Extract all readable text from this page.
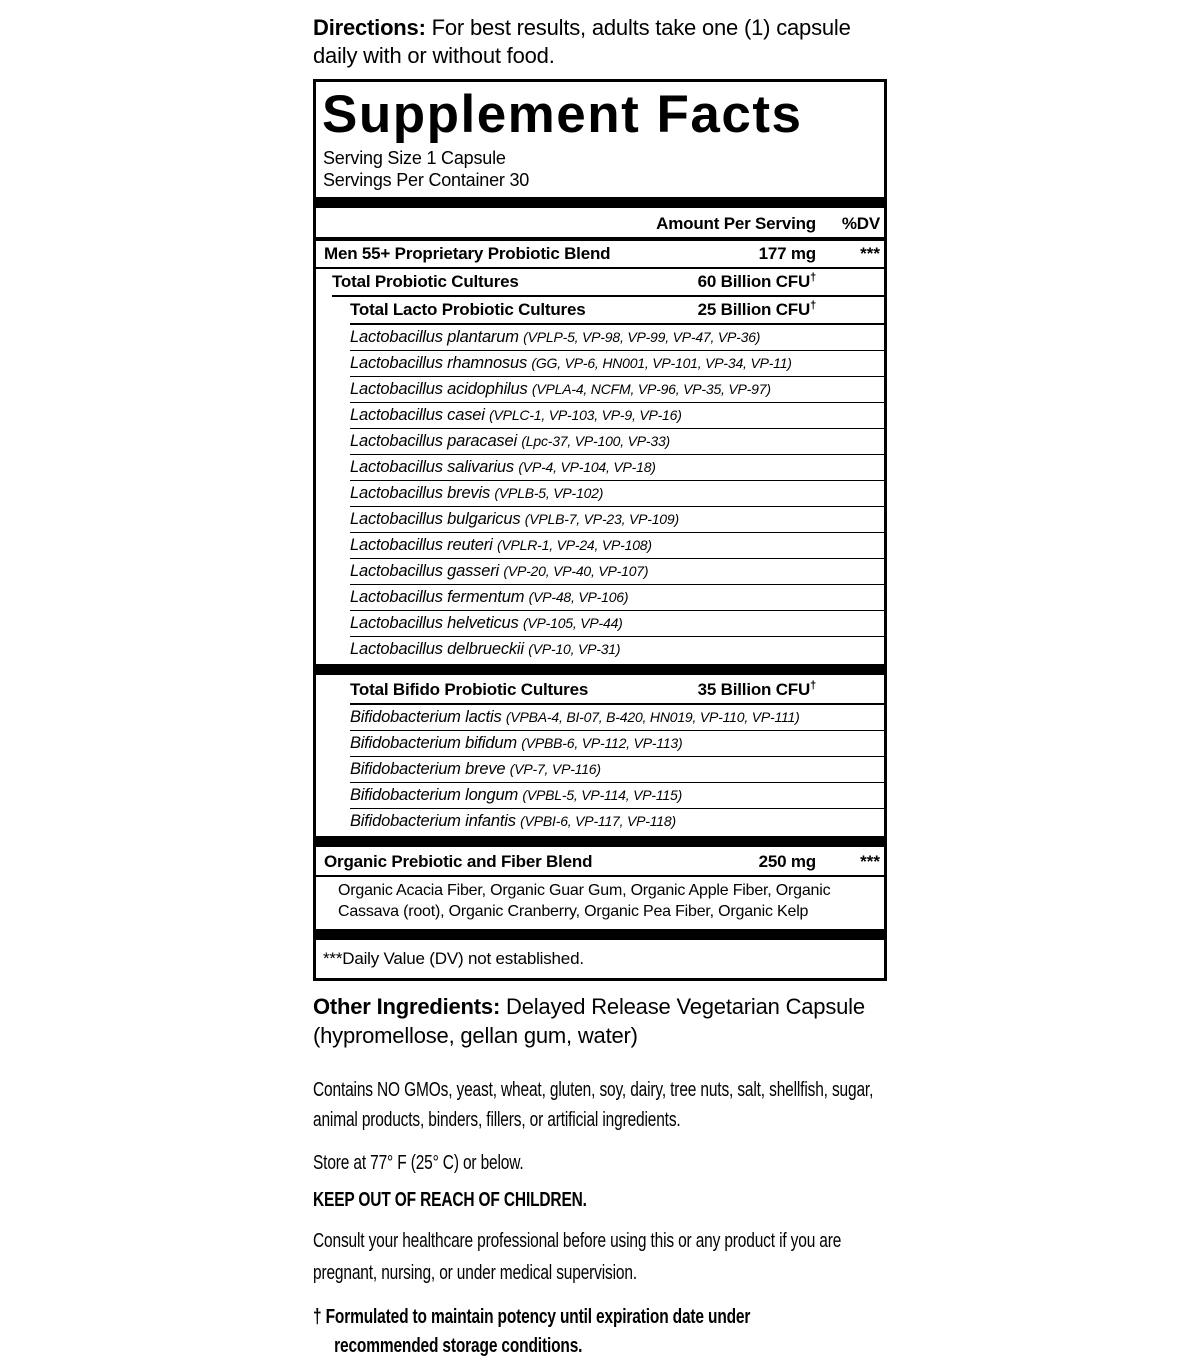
Directions: For best results, adults take one (1) capsule daily with or without food.

Supplement Facts
Serving Size 1 Capsule
Servings Per Container 30
Amount Per Serving	%DV
Men 55+ Proprietary Probiotic Blend	177 mg	***
Total Probiotic Cultures	60 Billion CFU†
Total Lacto Probiotic Cultures	25 Billion CFU†
Lactobacillus plantarum (VPLP-5, VP-98, VP-99, VP-47, VP-36)
Lactobacillus rhamnosus (GG, VP-6, HN001, VP-101, VP-34, VP-11)
Lactobacillus acidophilus (VPLA-4, NCFM, VP-96, VP-35, VP-97)
Lactobacillus casei (VPLC-1, VP-103, VP-9, VP-16)
Lactobacillus paracasei (Lpc-37, VP-100, VP-33)
Lactobacillus salivarius (VP-4, VP-104, VP-18)
Lactobacillus brevis (VPLB-5, VP-102)
Lactobacillus bulgaricus (VPLB-7, VP-23, VP-109)
Lactobacillus reuteri (VPLR-1, VP-24, VP-108)
Lactobacillus gasseri (VP-20, VP-40, VP-107)
Lactobacillus fermentum (VP-48, VP-106)
Lactobacillus helveticus (VP-105, VP-44)
Lactobacillus delbrueckii (VP-10, VP-31)
Total Bifido Probiotic Cultures	35 Billion CFU†
Bifidobacterium lactis (VPBA-4, BI-07, B-420, HN019, VP-110, VP-111)
Bifidobacterium bifidum (VPBB-6, VP-112, VP-113)
Bifidobacterium breve (VP-7, VP-116)
Bifidobacterium longum (VPBL-5, VP-114, VP-115)
Bifidobacterium infantis (VPBI-6, VP-117, VP-118)
Organic Prebiotic and Fiber Blend	250 mg	***
Organic Acacia Fiber, Organic Guar Gum, Organic Apple Fiber, Organic Cassava (root), Organic Cranberry, Organic Pea Fiber, Organic Kelp
***Daily Value (DV) not established.

Other Ingredients: Delayed Release Vegetarian Capsule (hypromellose, gellan gum, water)

Contains NO GMOs, yeast, wheat, gluten, soy, dairy, tree nuts, salt, shellfish, sugar, animal products, binders, fillers, or artificial ingredients.

Store at 77° F (25° C) or below.

KEEP OUT OF REACH OF CHILDREN.

Consult your healthcare professional before using this or any product if you are pregnant, nursing, or under medical supervision.

† Formulated to maintain potency until expiration date under recommended storage conditions.
